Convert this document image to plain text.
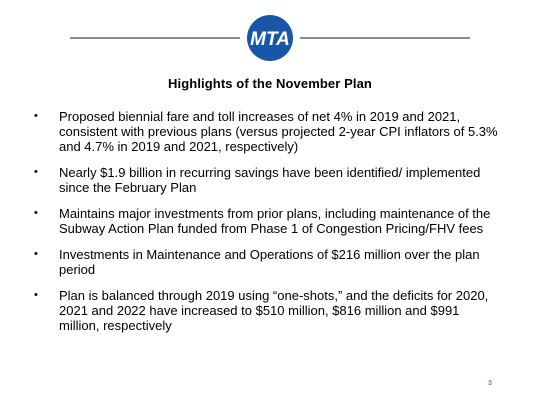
MTA
Highlights of the November Plan
• Proposed biennial fare and toll increases of net 4% in 2019 and 2021, consistent with previous plans (versus projected 2-year CPI inflators of 5.3% and 4.7% in 2019 and 2021, respectively)
• Nearly $1.9 billion in recurring savings have been identified/ implemented since the February Plan
• Maintains major investments from prior plans, including maintenance of the Subway Action Plan funded from Phase 1 of Congestion Pricing/FHV fees
• Investments in Maintenance and Operations of $216 million over the plan period
• Plan is balanced through 2019 using “one-shots,” and the deficits for 2020, 2021 and 2022 have increased to $510 million, $816 million and $991 million, respectively
3
